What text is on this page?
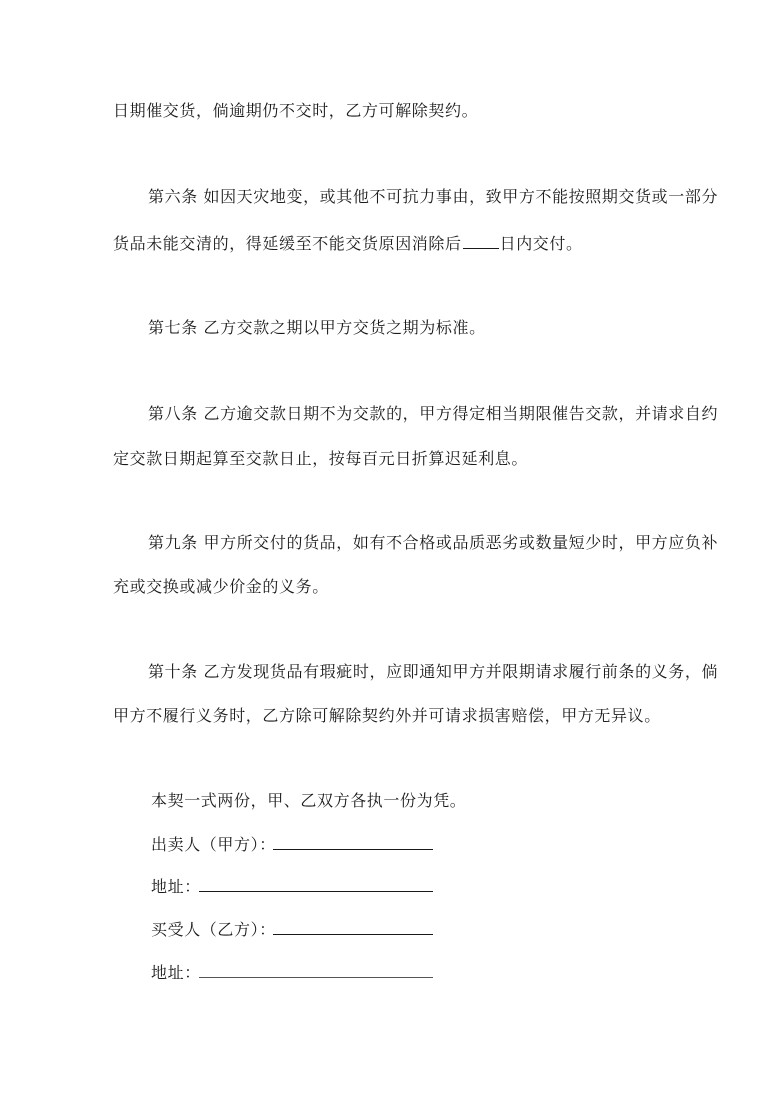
日期催交货，倘逾期仍不交时，乙方可解除契约。
第六条 如因天灾地变，或其他不可抗力事由，致甲方不能按照期交货或一部分
货品未能交清的，得延缓至不能交货原因消除后 日内交付。
第七条 乙方交款之期以甲方交货之期为标准。
第八条 乙方逾交款日期不为交款的，甲方得定相当期限催告交款，并请求自约
定交款日期起算至交款日止，按每百元日折算迟延利息。
第九条 甲方所交付的货品，如有不合格或品质恶劣或数量短少时，甲方应负补
充或交换或减少价金的义务。
第十条 乙方发现货品有瑕疵时，应即通知甲方并限期请求履行前条的义务，倘
甲方不履行义务时，乙方除可解除契约外并可请求损害赔偿，甲方无异议。
本契一式两份，甲、乙双方各执一份为凭。
出卖人（甲方）：
地址：
买受人（乙方）：
地址：
